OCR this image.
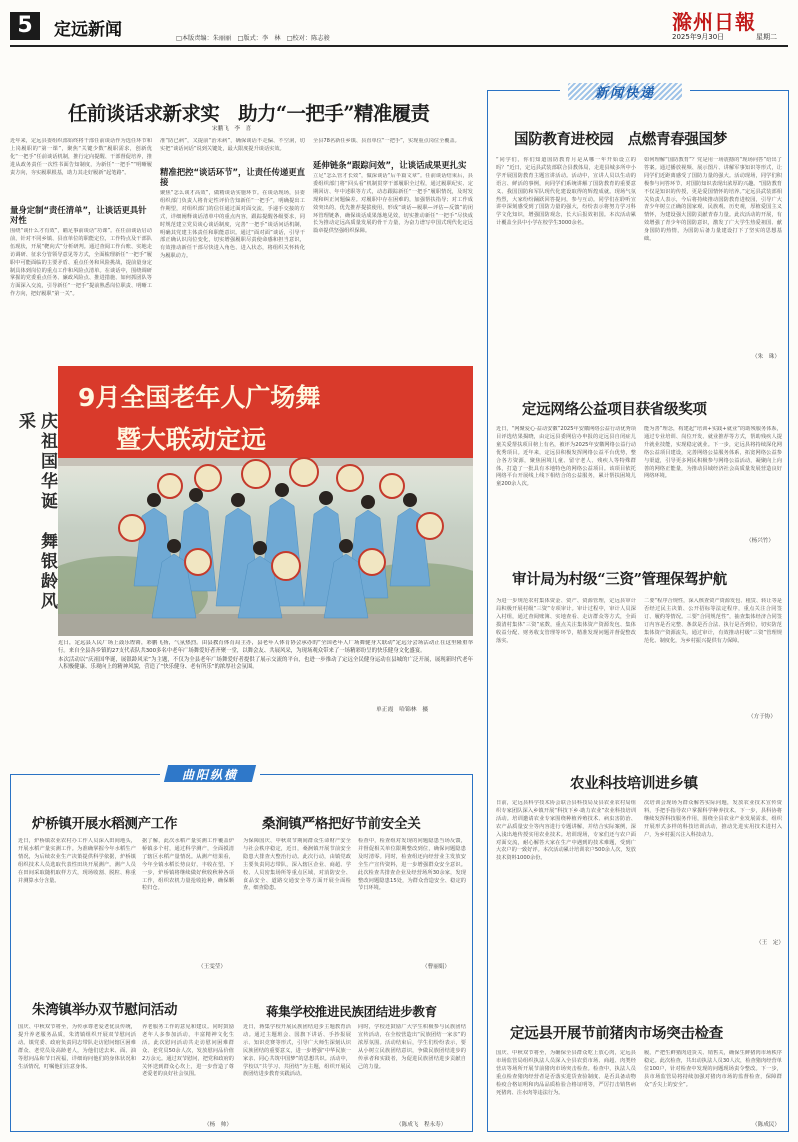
5	定远新闻	□本版责编：朱丽丽　□版式：李　林　□校对：陈志骏
滁州日報
2025年9月30日	星期二
任前谈话求新求实　助力“一把手”精准履责
宋鹏飞　李　喜
近年来，定远县委组织部始终将干部任前谈话作为选任环节和上岗履职的“第一课”，聚焦“关键少数”履职需求，创新优化“一把手”任前谈话机制，推行定向提醒、干部督促培养，推进从政务责任一次性书面告知制度，为新任“一把手”“明晰履责方向，夯实履职根基，助力其走好履新“起笔路”。
量身定制“责任清单”，让谈话更具针对性
围绕“谈什么才有效”，瞄足事前谈话“功课”。在任前谈话启动前，针对不同乡镇、县直单位的职能定位，工作特点及干部队伍现状，开展“靶向式”分析研判。通过查阅工作台账、实地走访调研、征求分管领导意见等方式，全面梳理新任“一把手”履职中可能面临的主要矛盾、重点任务和风险挑战，提前量身定制具体到岗位的重点工作和风险点清单。在谈话中，围绕调研掌握的党委重点任务、廉政风险点、推进措施、如何抓团队等方面深入交流，引导新任“一把手”提前熟悉岗位职责、明晰工作方向，把好履职“第一关”。
准“防已病”，又提前“治未病”，确保谈话不走偏、不空洞，切实把“谈话问话”说到关键处，最大限度提升谈话实效。
精准把控“谈话环节”，让责任传递更直接
聚焦“怎么谈才高效”，做精谈话实施环节。在谈话现场，县委组织部门负责人将肯定性评价告知新任“一把手”，明确提出工作期望，对组织部门的信任通过面对面交流，手递手交接的方式，详细阐释谈话清单中的重点内容，跟踪提醒各级要求，同时规范建立党员谈心谈话制度，完善“一把手”谈话问话机制，明确其党建主体责任和职能意识。通过“面对面”谈话，引导干部正确认识岗位变化，切实增强履职尽责使命感和担当意识，有效推动新任干部尽快进入角色、进入状态，将组织关怀转化为履职动力。
全县78名新任乡镇、县直单位“一把手”，实现重点岗位全覆盖。
延伸链条“跟踪问效”，让谈话成果更扎实
立足“怎么管才长效”，做深谈话“后半篇文章”。任前谈话结束后，县委组织部门将“回头看”机制贯穿干部履职全过程，通过履职纪实、定期回访、年中述职等方式，动态跟踪新任“一把手”履职情况，及时发现和纠正问题偏差。对履职中存在困难的，加强帮扶指导；对工作成效突出的，优先推荐提拔使用，形成“谈话—履职—评估—反馈”的闭环管理链条，确保谈话成果落地见效，切实推动新任“一把手”尽快成长为推动定远高质量发展的骨干力量，为奋力谱写中国式现代化定远篇章提供坚强组织保障。
庆祖国华诞　舞银龄风采
9月全国老年人广场舞
暨大联动定远
近日，定远县人民广场上鼓乐铿锵，彩鹏飞扬，气氛热烈。由县教育体育局主办，县老年人体育协会承办的“全国老年人广场舞健身大联动”定远分会场活动正在这里隆重举行。来自全县各乡镇的27支代表队共300多名中老年广场舞爱好者齐聚一堂，以舞会友、共展风采，为现场观众带来了一场精彩纷呈的快乐健身文化盛宴。
本次活动以“庆祖国华诞，展银龄风采”为主题，不仅为全县老年广场舞爱好者提供了展示交流的平台，也进一步推动了定远全民健身运动在县城的广泛开展，展现新时代老年人积极健康、乐观向上的精神风貌，营造了“快乐健身、老有所乐”的浓厚社会氛围。
单正霞　哈锦林　摄
新闻快递
国防教育进校园　点燃青春强国梦
“同学们，你们知道国防教育月是从哪一年开始设立的吗？”近日，定远县武装部联合县教体局，走进县城多所中小学开展国防教育主题宣讲活动。活动中，宣讲人员以生动的语言、鲜活的事例，向同学们系统讲解了国防教育的重要意义、我国国防和军队现代化建设取得的辉煌成就。现场气氛热烈，大家纷纷踊跃回答提问，参与互动。同学们在聆听宣讲中深刻感受到了国防力量的强大，纷纷表示将努力学习科学文化知识，增强国防观念，长大后报效祖国。本次活动累计覆盖全县中小学在校学生3000余名。
如何理解“国防教育”？党是用一场震撼的“现场问答”给出了答案。通过播放视频、展示图片、讲解军事知识等形式，让同学们近距离感受了国防力量的强大。活动现场，同学们积极参与问答环节，对国防知识表现出浓厚的兴趣。“国防教育不仅是知识的传授，更是爱国情怀的培养。”定远县武装部相关负责人表示，今后将持续推动国防教育进校园，引导广大青少年树立正确的国家观、民族观、历史观，厚植爱国主义情怀，为建设强大国防贡献青春力量。此次活动的开展，有效增强了青少年的国防意识，激发了广大学生热爱祖国、献身国防的热情，为国防后备力量建设打下了坚实的思想基础。
（朱　珠）
定远网络公益项目获省级奖项
近日，“网聚爱心·益动安徽”2025年安徽网络公益行动优秀项目评选结果揭晓，由定远县委网信办申报的定远县自闭症儿童关爱帮扶项目榜上有名，被评为2025年安徽网络公益行动优秀项目。近年来，定远县积极发挥网络公益平台优势，整合各方资源，聚焦困境儿童、留守老人、残疾人等特殊群体，打造了一批具有本地特色的网络公益项目。该项目依托网络平台开展线上线下相结合的公益服务，累计帮扶困境儿童200余人次。
能为善”理念，构建起“培训+实践+就业”的助残服务体系，通过专业培训、岗位开发、就业推荐等方式，帮助残疾人提升就业技能，实现稳定就业。下一步，定远县将持续深化网络公益项目建设，完善网络公益服务体系，拓宽网络公益参与渠道，引导更多网民积极参与网络公益活动，凝聚向上向善的网络正能量，为推动县域经济社会高质量发展营造良好网络环境。
（杨兴竹）
审计局为村级“三资”管理保驾护航
为进一步规范农村集体资金、资产、资源管理，定远县审计局积极开展村级“三资”专项审计。审计过程中，审计人员深入村组，通过查阅账簿、实地查看、走访群众等方式，全面摸清村集体“三资”底数，重点关注集体资产资源发包、集体收益分配、财务收支管理等环节，精准发现问题并督促整改落实。
二要“程序合规性，深入核查资产资源发包、租赁、转让等是否经过民主决策、公开招标等法定程序，重点关注合同签订、履约等情况。三要“合同规范性”，抽查集体经济合同签订内容是否完整、条款是否合法、执行是否到位，切实防范集体资产资源流失。通过审计，有效推动村级“三资”管理规范化、制度化，为乡村振兴提供有力保障。
（方于协）
农业科技培训进乡镇
日前，定远县科学技术协会联合县科技局及县农业农村局组织专家团队深入乡镇开展“科技下乡·助力农业”农业科技培训活动。培训邀请农业专家围绕种植养殖技术、病虫害防治、农产品质量安全等内容进行专题讲解，并结合实际案例，深入浅出地传授实用农业技术。培训现场，专家们还与农户面对面交流，耐心解答大家在生产中遇到的技术难题，受到广大农户的一致好评。本次活动累计培训农户500余人次，发放技术资料1000余份。
次培训会现场为群众解答实际问题，发放农业技术宣传资料，手把手指导农户掌握科学种养技术。下一步，县科协将继续发挥科技服务作用，围绕全县农业产业发展需求，组织开展形式多样的科技培训活动，推动先进实用技术进村入户，为乡村振兴注入科技动力。
（王　定）
定远县开展节前猪肉市场突击检查
国庆、中秋双节将至，为确保全县群众吃上放心肉，定远县市场监管局组织执法人员深入全县农贸市场、商超、肉类经营店等场所开展节前猪肉市场突击检查。检查中，执法人员重点检查猪肉经营者是否落实进货查验制度、是否具备动物检疫合格证明和肉品品质检验合格证明等，严厉打击销售病死猪肉、注水肉等违法行为。
履，严把生鲜猪肉进货关、销售关，确保生鲜猪肉市场秩序稳定。此次检查，共出动执法人员30人次，检查猪肉经营单位100户，针对检查中发现的问题现场责令整改。下一步，县市场监管局将持续加强对猪肉市场的监督检查，保障群众“舌尖上的安全”。
（陈成民）
曲阳纵横
炉桥镇开展水稻测产工作
近日，炉桥镇农业农村办工作人员深入田间地头，开展水稻产量实测工作。为准确掌握今年水稻生产情况，为后续农业生产决策提供科学依据，炉桥镇组织技术人员选取代表性田块开展测产。测产人员在田间采取随机取样方式，现场收割、脱粒、称重并测算水分含量。
据了解，此次水稻产量实测工作覆盖炉桥镇多个村，通过科学测产，全面摸清了辖区水稻产量情况。从测产结果看，今年全镇水稻长势良好，丰收在望。下一步，炉桥镇将继续做好秋收秋种各项工作，组织农机力量抢收抢种，确保颗粒归仓。
（王雯莹）
桑涧镇严格把好节前安全关
为保障国庆、中秋双节期间群众生命财产安全与社会秩序稳定，近日，桑涧镇开展节前安全隐患大排查大整治行动。此次行动，由镇党政主要负责同志带队，深入辖区企业、商超、学校、人员密集场所等重点区域，对消防安全、食品安全、道路交通安全等方面开展全面检查，细查隐患。
检查中，检查组对发现的问题隐患当场反馈，并督促相关单位限期整改到位，确保问题隐患及时清零。同时，检查组还向经营业主发放安全生产宣传资料，进一步增强群众安全意识。此次检查共排查企业及经营场所30余家，发现整改问题隐患15处，为群众营造安全、稳定的节日环境。
（曹丽娟）
朱湾镇举办双节慰问活动
国庆、中秋双节将至，为传承尊老爱老优良传统，提升养老服务品质，朱湾镇组织开展双节慰问活动。镇党委、政府负责同志带队走访慰问辖区困难群众、老党员及高龄老人，为他们送去米、面、油等慰问品和节日祝福，详细询问他们的身体状况和生活情况，叮嘱他们注意身体。
养老服务工作的意见和建议。同时鼓励老年人多参加活动，丰富精神文化生活。此次慰问活动共走访慰问困难群众、老党员50余人次，发放慰问品价值2万余元。通过双节慰问，把党和政府的关怀送到群众心坎上，进一步营造了尊老爱老的良好社会氛围。
（杨　帅）
蒋集学校推进民族团结进步教育
近日，蒋集学校开展民族团结进步主题教育活动。通过主题班会、国旗下讲话、手抄报展示、知识竞赛等形式，引导广大师生深刻认识民族团结的重要意义，进一步增强“中华民族一家亲、同心共筑中国梦”的思想共识。活动中，学校以“共学习、共团结”为主题，组织开展民族团结进步教育实践活动。
同时，学校还鼓励广大学生积极参与民族团结宣传活动，在全校营造出“民族团结一家亲”的浓厚氛围。活动结束后，学生们纷纷表示，要从小树立民族团结意识，争做民族团结进步的传承者和实践者，为促进民族团结进步贡献自己的力量。
（陈成飞　程永寿）
